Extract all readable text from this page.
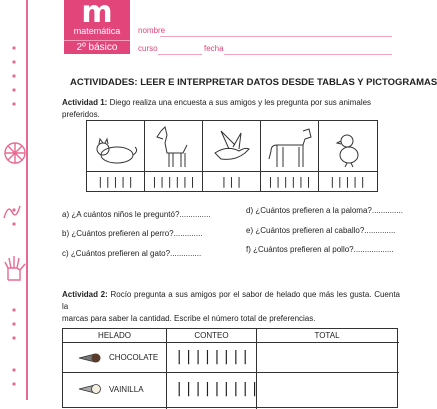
m
matemática
2º básico
nombre
curso	fecha
ACTIVIDADES: LEER E INTERPRETAR DATOS DESDE TABLAS Y PICTOGRAMAS
Actividad 1: Diego realiza una encuesta a sus amigos y les pregunta por sus animales preferidos.
|||||	||||||	|||	||||||	|||||
a) ¿A cuántos niños le preguntó?..............
b) ¿Cuántos prefieren al perro?.............
c) ¿Cuántos prefieren al gato?..............
d) ¿Cuántos prefieren a la paloma?..............
e) ¿Cuántos prefieren al caballo?..............
f) ¿Cuántos prefieren al pollo?..................
Actividad 2: Rocío pregunta a sus amigos por el sabor de helado que más les gusta. Cuenta la
marcas para saber la cantidad. Escribe el número total de preferencias.
HELADO	CONTEO	TOTAL
CHOCOLATE ||||||||
VAINILLA |||||||||
